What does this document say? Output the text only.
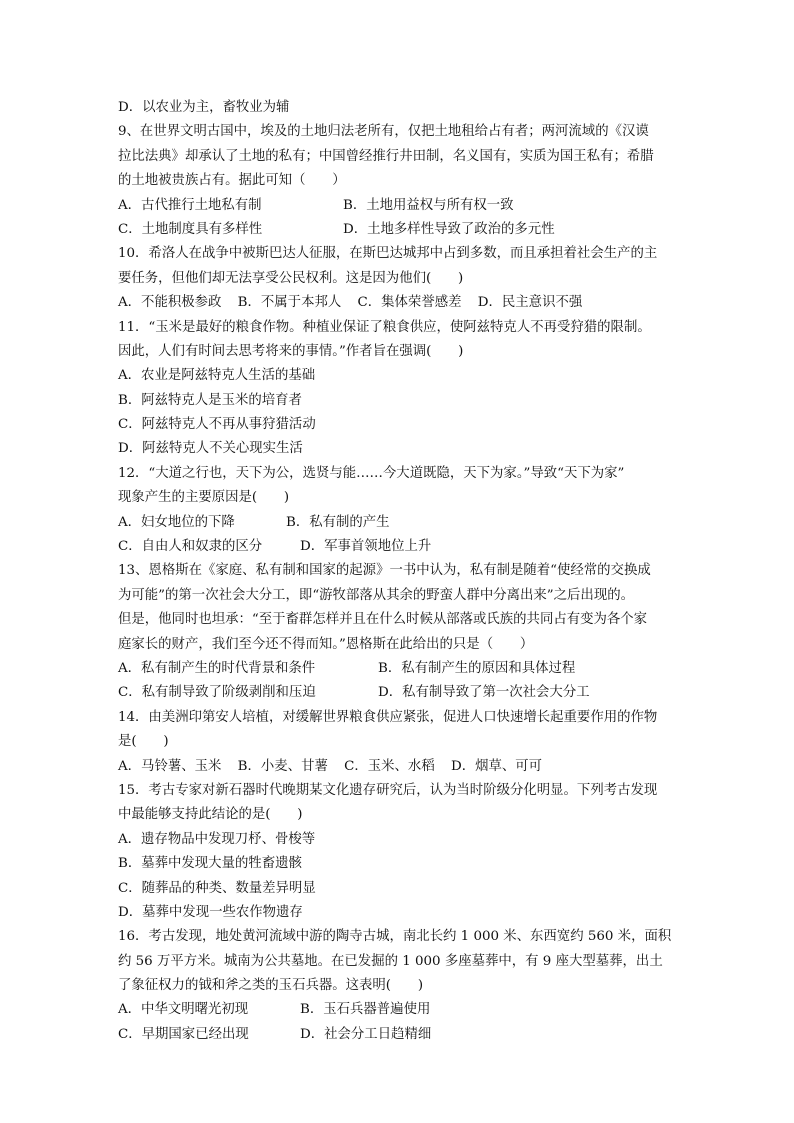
D．以农业为主，畜牧业为辅
9、在世界文明古国中，埃及的土地归法老所有，仅把土地租给占有者；两河流域的《汉谟
拉比法典》却承认了土地的私有；中国曾经推行井田制，名义国有，实质为国王私有；希腊
的土地被贵族占有。据此可知（　　）
A．古代推行土地私有制	B．土地用益权与所有权一致
C．土地制度具有多样性	D．土地多样性导致了政治的多元性
10．希洛人在战争中被斯巴达人征服，在斯巴达城邦中占到多数，而且承担着社会生产的主
要任务，但他们却无法享受公民权利。这是因为他们(　　)
A．不能积极参政 B．不属于本邦人 C．集体荣誉感差 D．民主意识不强
11．“玉米是最好的粮食作物。种植业保证了粮食供应，使阿兹特克人不再受狩猎的限制。
因此，人们有时间去思考将来的事情。”作者旨在强调(　　)
A．农业是阿兹特克人生活的基础
B．阿兹特克人是玉米的培育者
C．阿兹特克人不再从事狩猎活动
D．阿兹特克人不关心现实生活
12．“大道之行也，天下为公，选贤与能……今大道既隐，天下为家。”导致“天下为家”
现象产生的主要原因是(　　)
A．妇女地位的下降	B．私有制的产生
C．自由人和奴隶的区分	D．军事首领地位上升
13、恩格斯在《家庭、私有制和国家的起源》一书中认为，私有制是随着“使经常的交换成
为可能”的第一次社会大分工，即“游牧部落从其余的野蛮人群中分离出来”之后出现的。
但是，他同时也坦承：“至于畜群怎样并且在什么时候从部落或氏族的共同占有变为各个家
庭家长的财产，我们至今还不得而知。”恩格斯在此给出的只是（　　）
A．私有制产生的时代背景和条件	B．私有制产生的原因和具体过程
C．私有制导致了阶级剥削和压迫	D．私有制导致了第一次社会大分工
14．由美洲印第安人培植，对缓解世界粮食供应紧张，促进人口快速增长起重要作用的作物
是(　　)
A．马铃薯、玉米 B．小麦、甘薯 C．玉米、水稻 D．烟草、可可
15．考古专家对新石器时代晚期某文化遗存研究后，认为当时阶级分化明显。下列考古发现
中最能够支持此结论的是(　　)
A．遗存物品中发现刀杼、骨梭等
B．墓葬中发现大量的牲畜遗骸
C．随葬品的种类、数量差异明显
D．墓葬中发现一些农作物遗存
16．考古发现，地处黄河流域中游的陶寺古城，南北长约 1 000 米、东西宽约 560 米，面积
约 56 万平方米。城南为公共墓地。在已发掘的 1 000 多座墓葬中，有 9 座大型墓葬，出土
了象征权力的钺和斧之类的玉石兵器。这表明(　　)
A．中华文明曙光初现	B．玉石兵器普遍使用
C．早期国家已经出现	D．社会分工日趋精细
